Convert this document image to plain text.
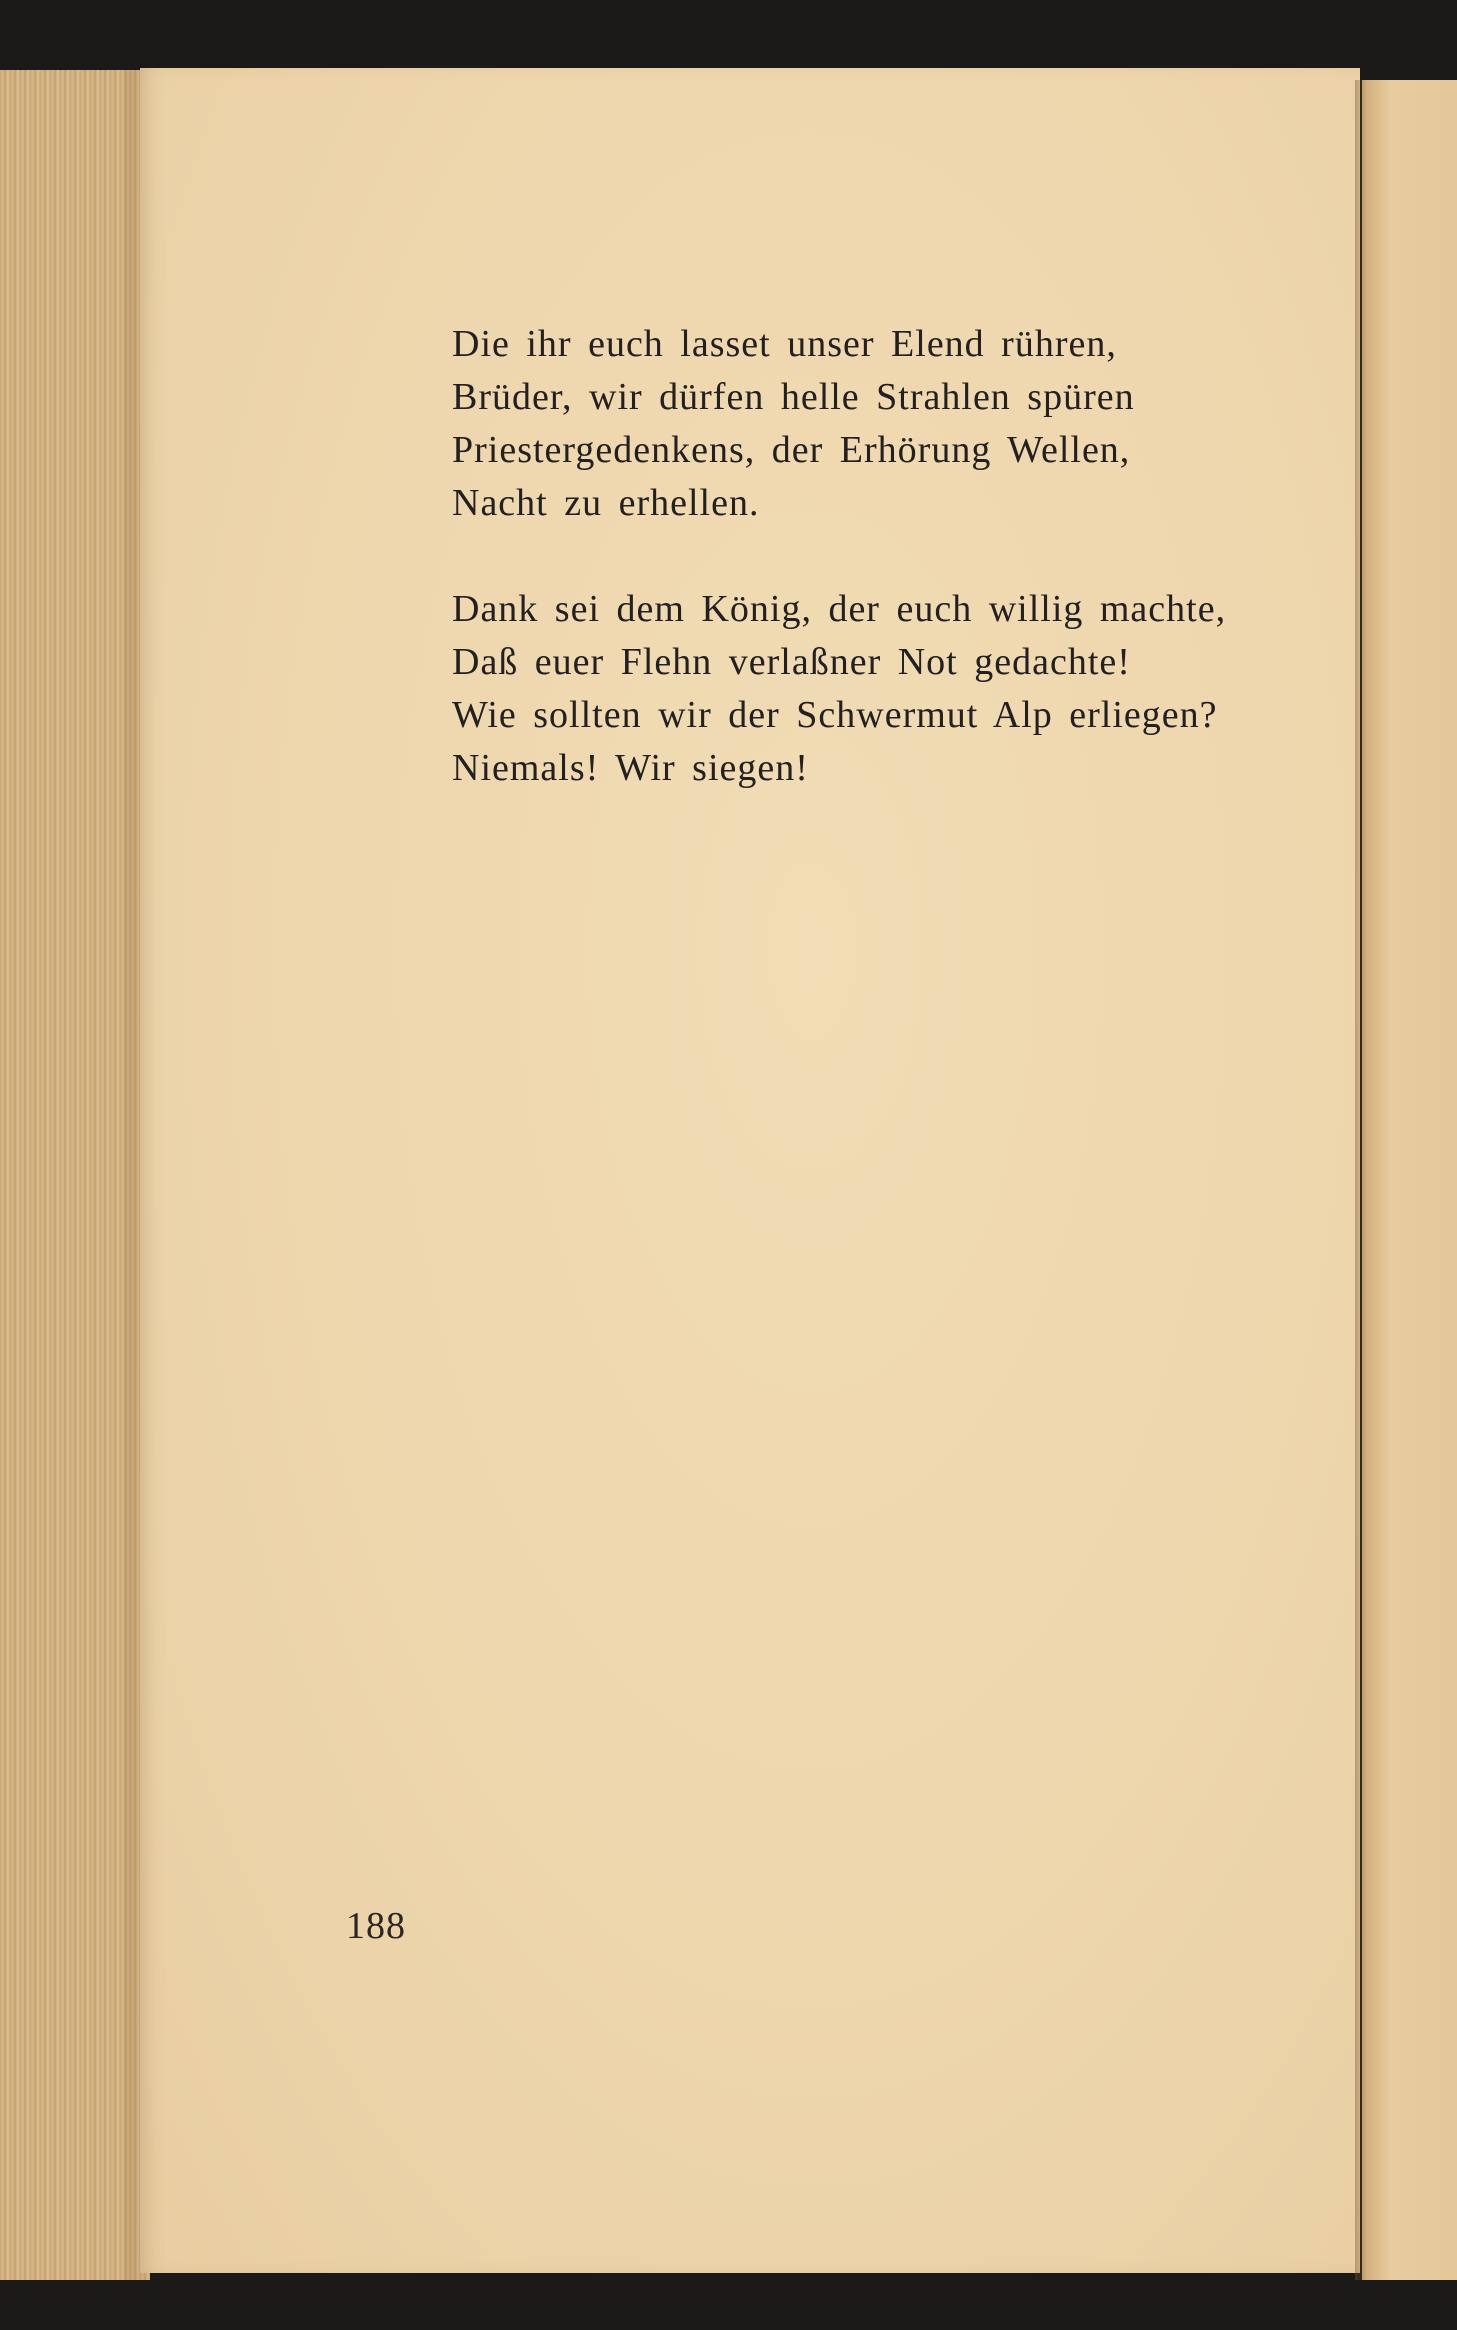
Die ihr euch lasset unser Elend rühren,
Brüder, wir dürfen helle Strahlen spüren
Priestergedenkens, der Erhörung Wellen,
Nacht zu erhellen.
Dank sei dem König, der euch willig machte,
Daß euer Flehn verlaßner Not gedachte!
Wie sollten wir der Schwermut Alp erliegen?
Niemals! Wir siegen!
188
